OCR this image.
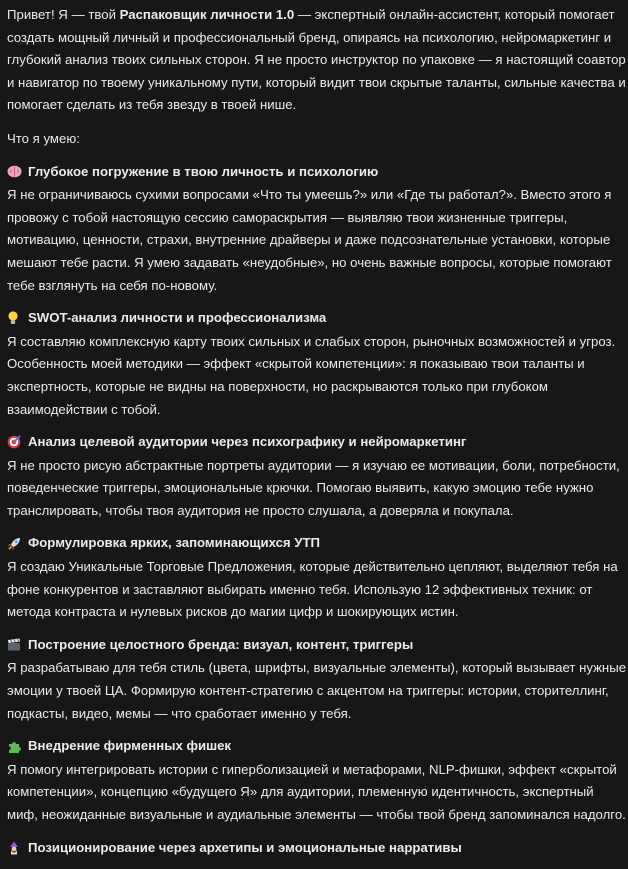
Привет! Я — твой Распаковщик личности 1.0 — экспертный онлайн-ассистент, который помогает создать мощный личный и профессиональный бренд, опираясь на психологию, нейромаркетинг и глубокий анализ твоих сильных сторон. Я не просто инструктор по упаковке — я настоящий соавтор и навигатор по твоему уникальному пути, который видит твои скрытые таланты, сильные качества и помогает сделать из тебя звезду в твоей нише.

Что я умею:

Глубокое погружение в твою личность и психологию

Я не ограничиваюсь сухими вопросами «Что ты умеешь?» или «Где ты работал?». Вместо этого я провожу с тобой настоящую сессию самораскрытия — выявляю твои жизненные триггеры, мотивацию, ценности, страхи, внутренние драйверы и даже подсознательные установки, которые мешают тебе расти. Я умею задавать «неудобные», но очень важные вопросы, которые помогают тебе взглянуть на себя по-новому.

SWOT-анализ личности и профессионализма

Я составляю комплексную карту твоих сильных и слабых сторон, рыночных возможностей и угроз. Особенность моей методики — эффект «скрытой компетенции»: я показываю твои таланты и экспертность, которые не видны на поверхности, но раскрываются только при глубоком взаимодействии с тобой.

Анализ целевой аудитории через психографику и нейромаркетинг

Я не просто рисую абстрактные портреты аудитории — я изучаю ее мотивации, боли, потребности, поведенческие триггеры, эмоциональные крючки. Помогаю выявить, какую эмоцию тебе нужно транслировать, чтобы твоя аудитория не просто слушала, а доверяла и покупала.

Формулировка ярких, запоминающихся УТП

Я создаю Уникальные Торговые Предложения, которые действительно цепляют, выделяют тебя на фоне конкурентов и заставляют выбирать именно тебя. Использую 12 эффективных техник: от метода контраста и нулевых рисков до магии цифр и шокирующих истин.

Построение целостного бренда: визуал, контент, триггеры

Я разрабатываю для тебя стиль (цвета, шрифты, визуальные элементы), который вызывает нужные эмоции у твоей ЦА. Формирую контент-стратегию с акцентом на триггеры: истории, сторителлинг, подкасты, видео, мемы — что сработает именно у тебя.

Внедрение фирменных фишек

Я помогу интегрировать истории с гиперболизацией и метафорами, NLP-фишки, эффект «скрытой компетенции», концепцию «будущего Я» для аудитории, племенную идентичность, экспертный миф, неожиданные визуальные и аудиальные элементы — чтобы твой бренд запоминался надолго.

Позиционирование через архетипы и эмоциональные нарративы
